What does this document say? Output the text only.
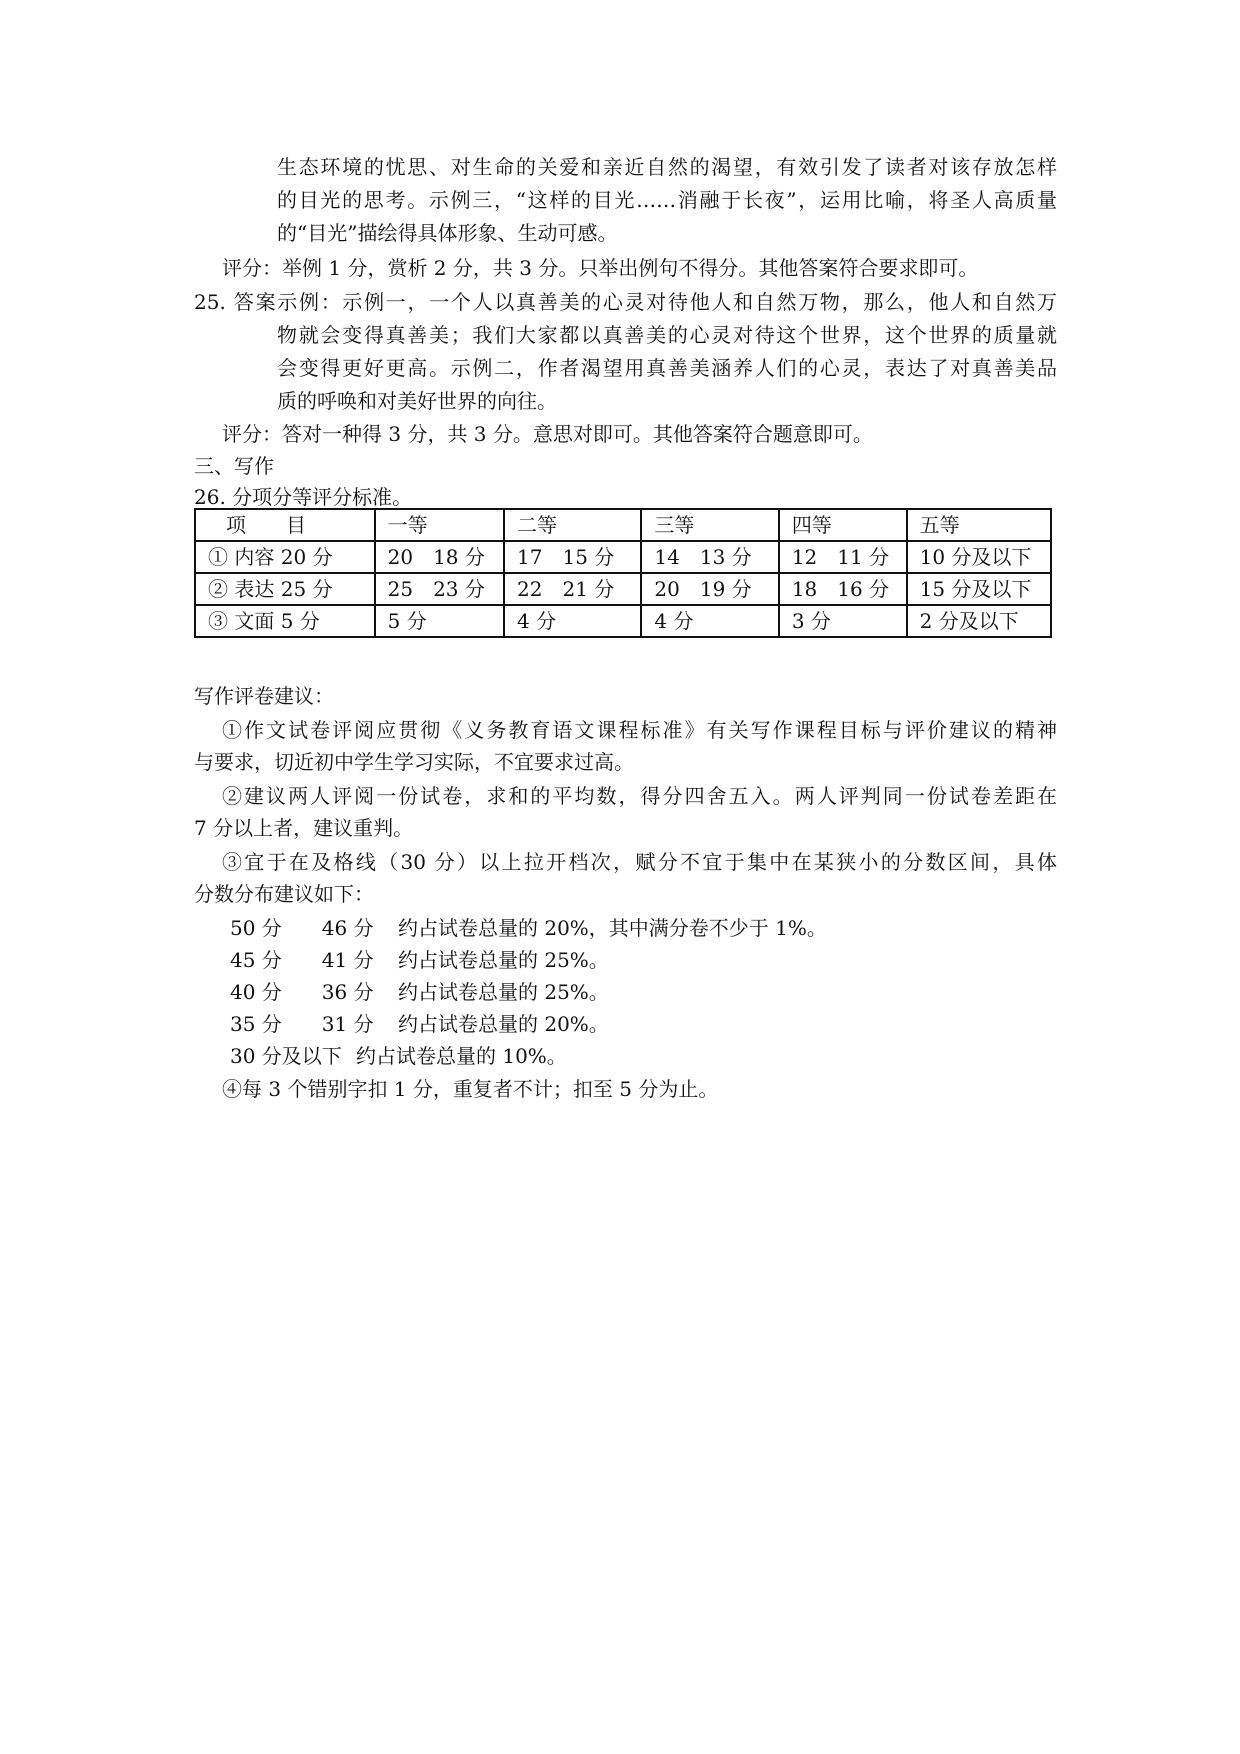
生态环境的忧思、对生命的关爱和亲近自然的渴望，有效引发了读者对该存放怎样
的目光的思考。示例三，“这样的目光……消融于长夜”，运用比喻，将圣人高质量
的“目光”描绘得具体形象、生动可感。
评分：举例 1 分，赏析 2 分，共 3 分。只举出例句不得分。其他答案符合要求即可。
25. 答案示例：示例一，一个人以真善美的心灵对待他人和自然万物，那么，他人和自然万
物就会变得真善美；我们大家都以真善美的心灵对待这个世界，这个世界的质量就
会变得更好更高。示例二，作者渴望用真善美涵养人们的心灵，表达了对真善美品
质的呼唤和对美好世界的向往。
评分：答对一种得 3 分，共 3 分。意思对即可。其他答案符合题意即可。
三、写作
26. 分项分等评分标准。
项　　目	一等	二等	三等	四等	五等
① 内容 20 分	20　18 分	17　15 分	14　13 分	12　11 分	10 分及以下
② 表达 25 分	25　23 分	22　21 分	20　19 分	18　16 分	15 分及以下
③ 文面 5 分	5 分	4 分	4 分	3 分	2 分及以下
写作评卷建议：
①作文试卷评阅应贯彻《义务教育语文课程标准》有关写作课程目标与评价建议的精神
与要求，切近初中学生学习实际，不宜要求过高。
②建议两人评阅一份试卷，求和的平均数，得分四舍五入。两人评判同一份试卷差距在
7 分以上者，建议重判。
③宜于在及格线（30 分）以上拉开档次，赋分不宜于集中在某狭小的分数区间，具体
分数分布建议如下：
50 分　　46 分 约占试卷总量的 20%，其中满分卷不少于 1%。
45 分　　41 分 约占试卷总量的 25%。
40 分　　36 分 约占试卷总量的 25%。
35 分　　31 分 约占试卷总量的 20%。
30 分及以下 约占试卷总量的 10%。
④每 3 个错别字扣 1 分，重复者不计；扣至 5 分为止。
